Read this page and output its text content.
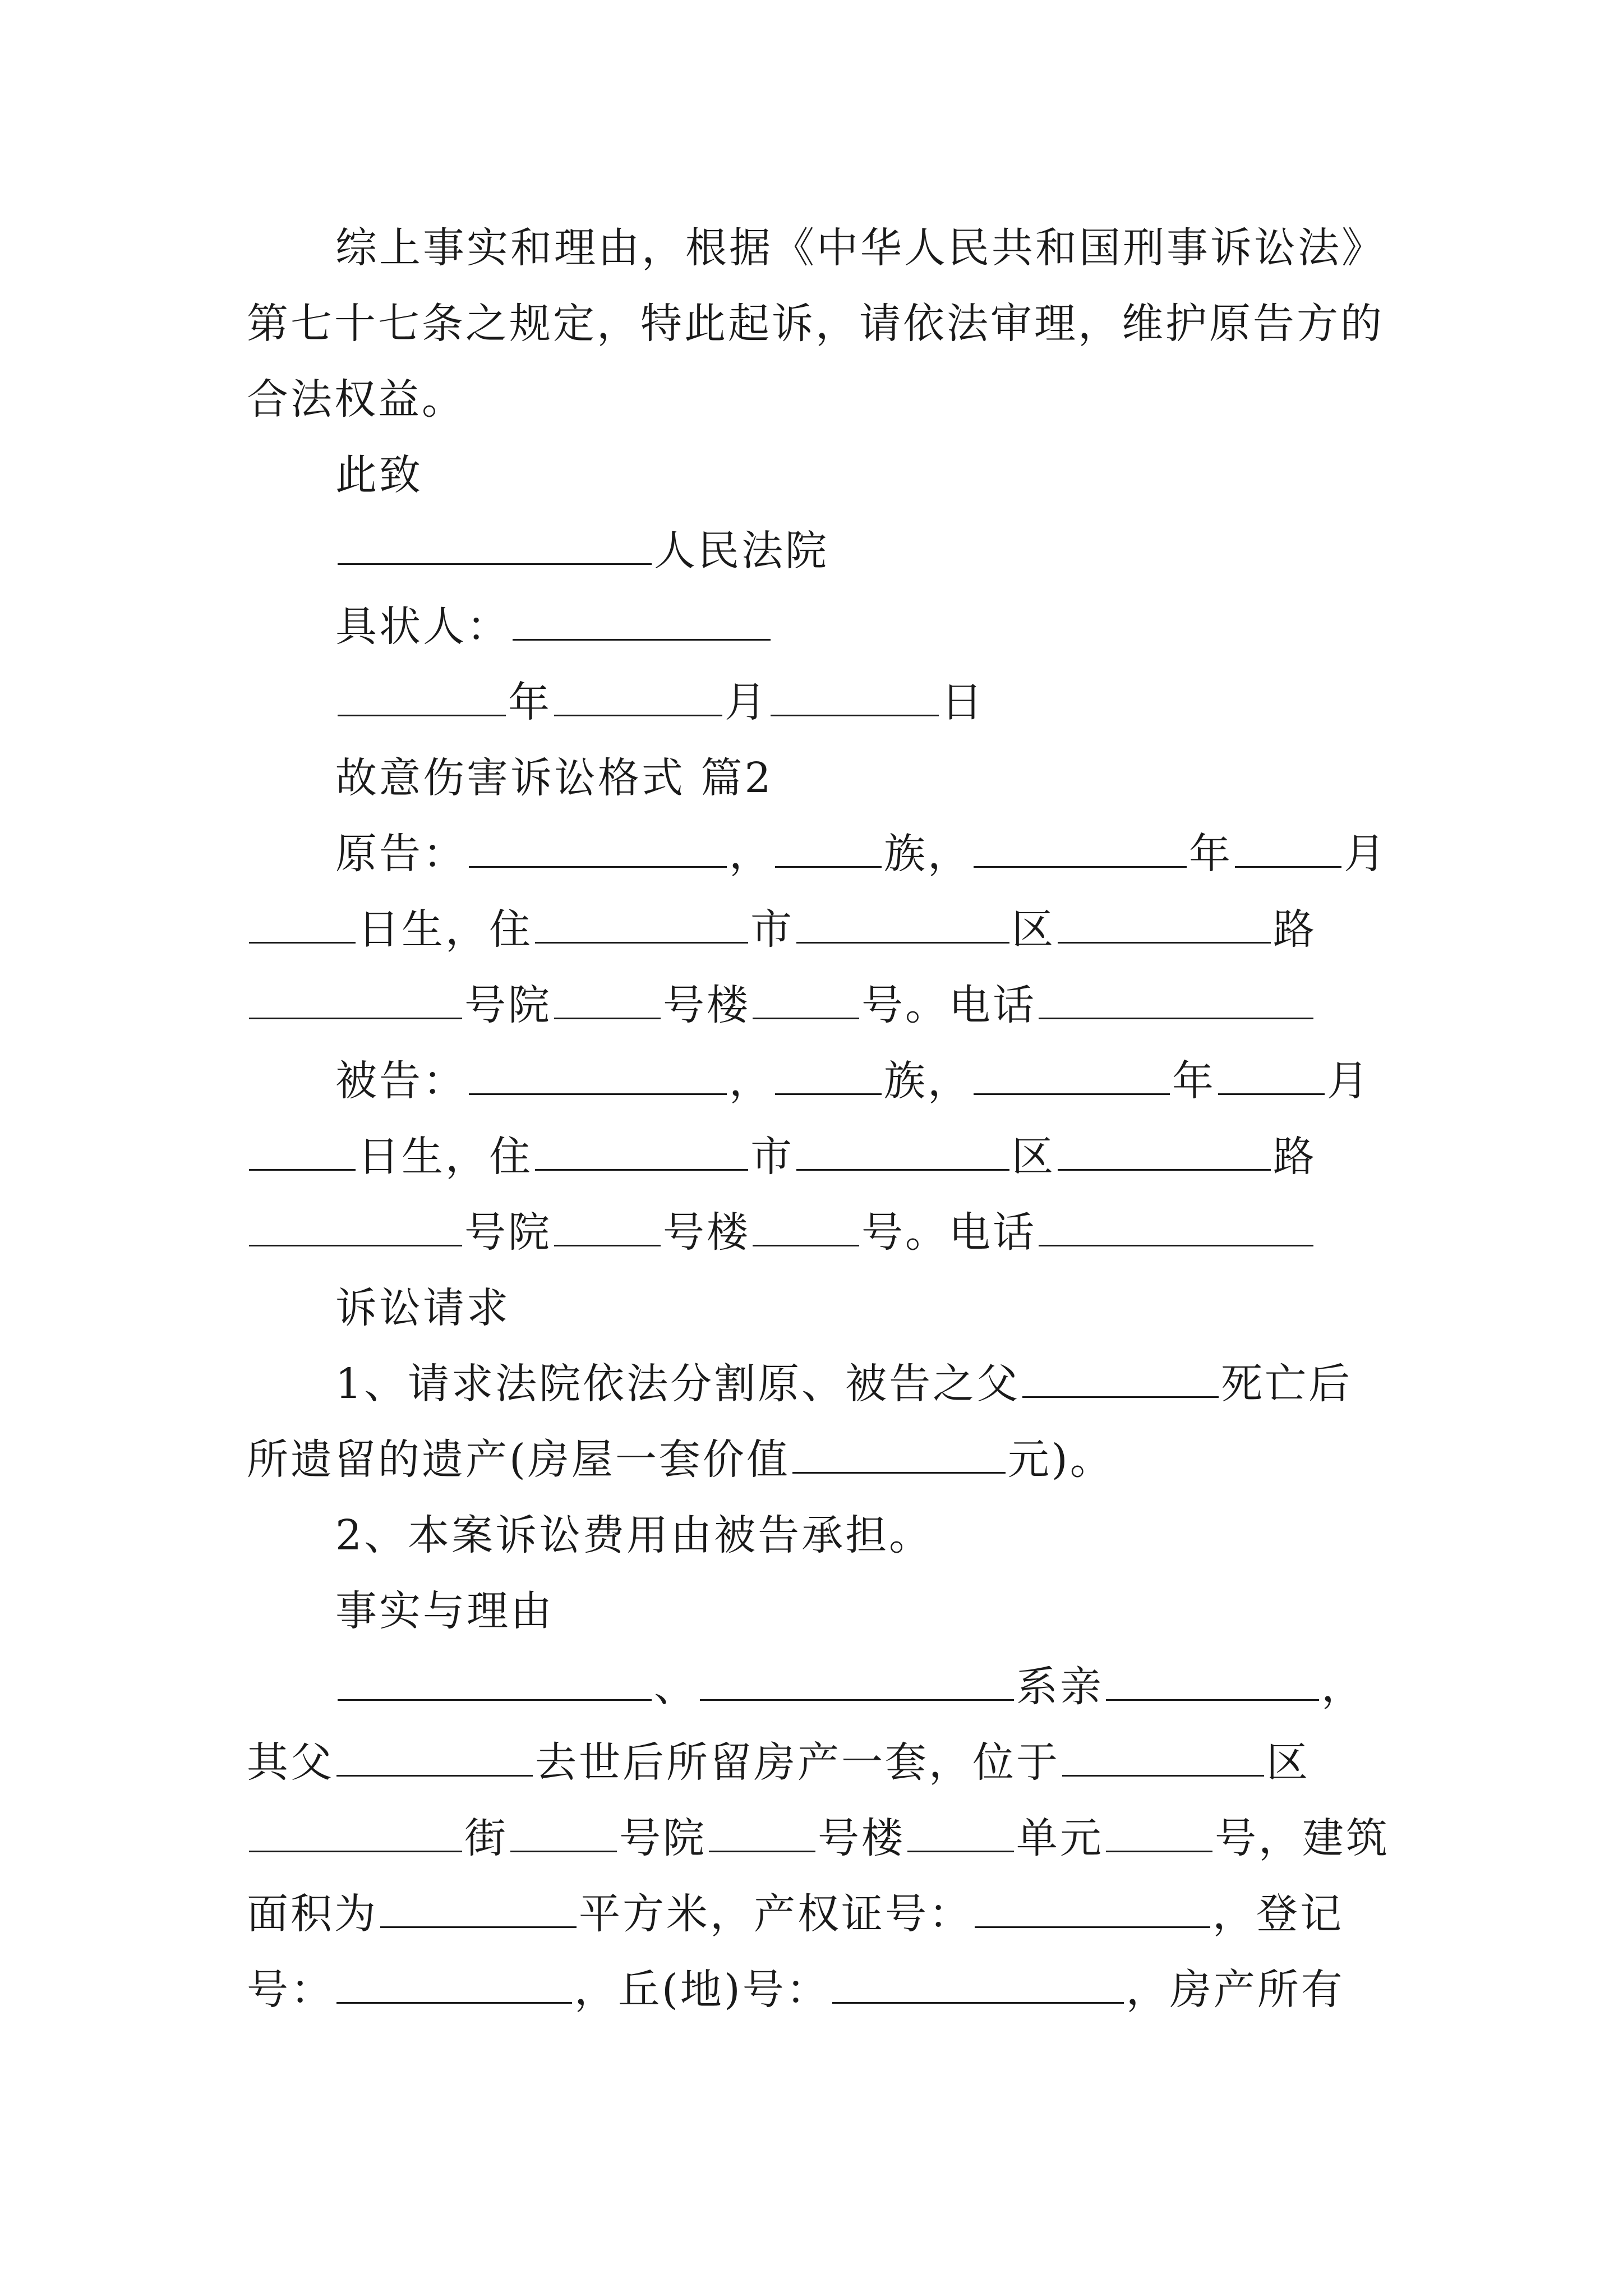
综上事实和理由，根据《中华人民共和国刑事诉讼法》
第七十七条之规定，特此起诉，请依法审理，维护原告方的
合法权益。
此致
人民法院
具状人：
年	月	日
故意伤害诉讼格式 篇2
原告：	，	族，	年	月
日生，住	市	区	路
号院	号楼	号。电话
被告：	，	族，	年	月
日生，住	市	区	路
号院	号楼	号。电话
诉讼请求
1、请求法院依法分割原、被告之父	死亡后
所遗留的遗产(房屋一套价值	元)。
2、本案诉讼费用由被告承担。
事实与理由
、	系亲	，
其父	去世后所留房产一套，位于	区
街	号院	号楼	单元	号，建筑
面积为	平方米，产权证号：	，登记
号：	，丘(地)号：	，房产所有
